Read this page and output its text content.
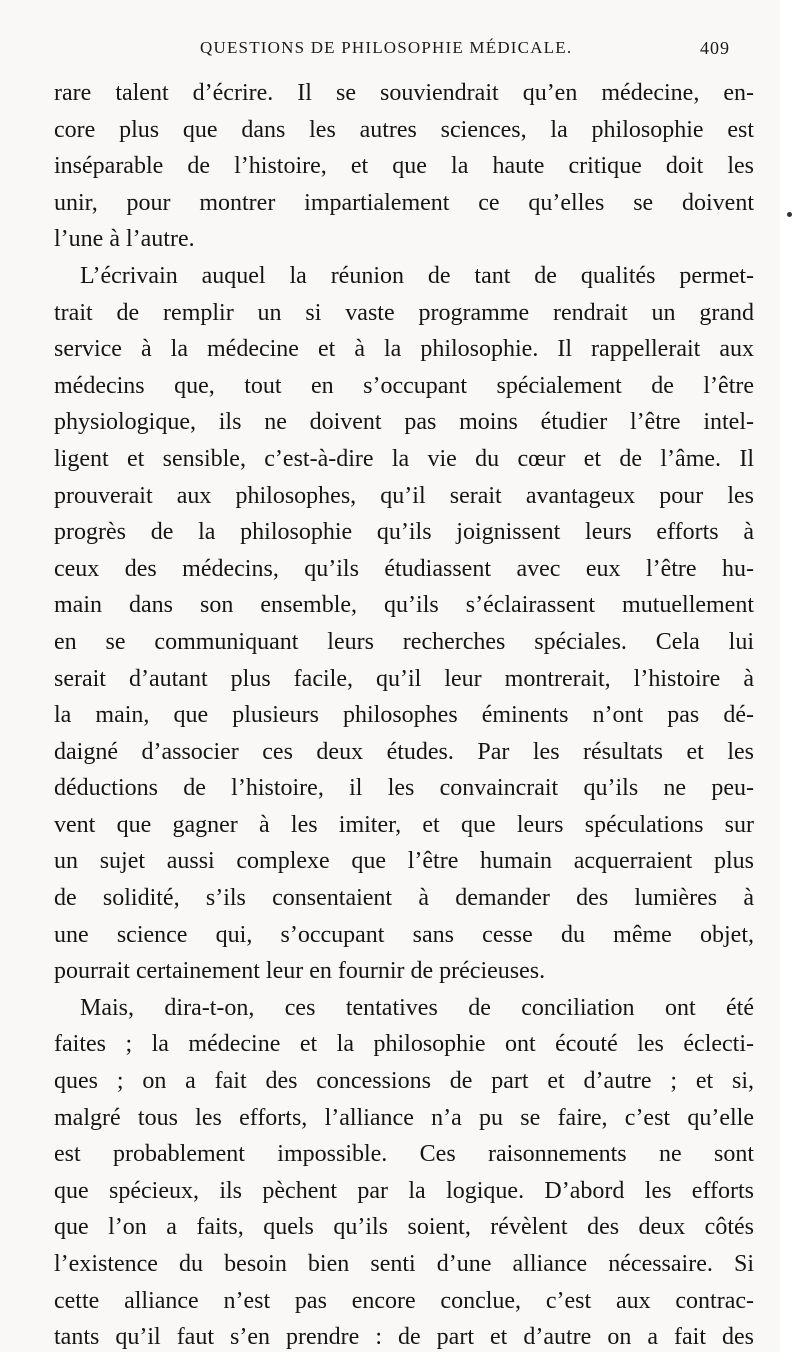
QUESTIONS DE PHILOSOPHIE MÉDICALE.	409
rare talent d’écrire. Il se souviendrait qu’en médecine, en-
core plus que dans les autres sciences, la philosophie est
inséparable de l’histoire, et que la haute critique doit les
unir, pour montrer impartialement ce qu’elles se doivent
l’une à l’autre.
L’écrivain auquel la réunion de tant de qualités permet-
trait de remplir un si vaste programme rendrait un grand
service à la médecine et à la philosophie. Il rappellerait aux
médecins que, tout en s’occupant spécialement de l’être
physiologique, ils ne doivent pas moins étudier l’être intel-
ligent et sensible, c’est-à-dire la vie du cœur et de l’âme. Il
prouverait aux philosophes, qu’il serait avantageux pour les
progrès de la philosophie qu’ils joignissent leurs efforts à
ceux des médecins, qu’ils étudiassent avec eux l’être hu-
main dans son ensemble, qu’ils s’éclairassent mutuellement
en se communiquant leurs recherches spéciales. Cela lui
serait d’autant plus facile, qu’il leur montrerait, l’histoire à
la main, que plusieurs philosophes éminents n’ont pas dé-
daigné d’associer ces deux études. Par les résultats et les
déductions de l’histoire, il les convaincrait qu’ils ne peu-
vent que gagner à les imiter, et que leurs spéculations sur
un sujet aussi complexe que l’être humain acquerraient plus
de solidité, s’ils consentaient à demander des lumières à
une science qui, s’occupant sans cesse du même objet,
pourrait certainement leur en fournir de précieuses.
Mais, dira-t-on, ces tentatives de conciliation ont été
faites ; la médecine et la philosophie ont écouté les éclecti-
ques ; on a fait des concessions de part et d’autre ; et si,
malgré tous les efforts, l’alliance n’a pu se faire, c’est qu’elle
est probablement impossible. Ces raisonnements ne sont
que spécieux, ils pèchent par la logique. D’abord les efforts
que l’on a faits, quels qu’ils soient, révèlent des deux côtés
l’existence du besoin bien senti d’une alliance nécessaire. Si
cette alliance n’est pas encore conclue, c’est aux contrac-
tants qu’il faut s’en prendre : de part et d’autre on a fait des
